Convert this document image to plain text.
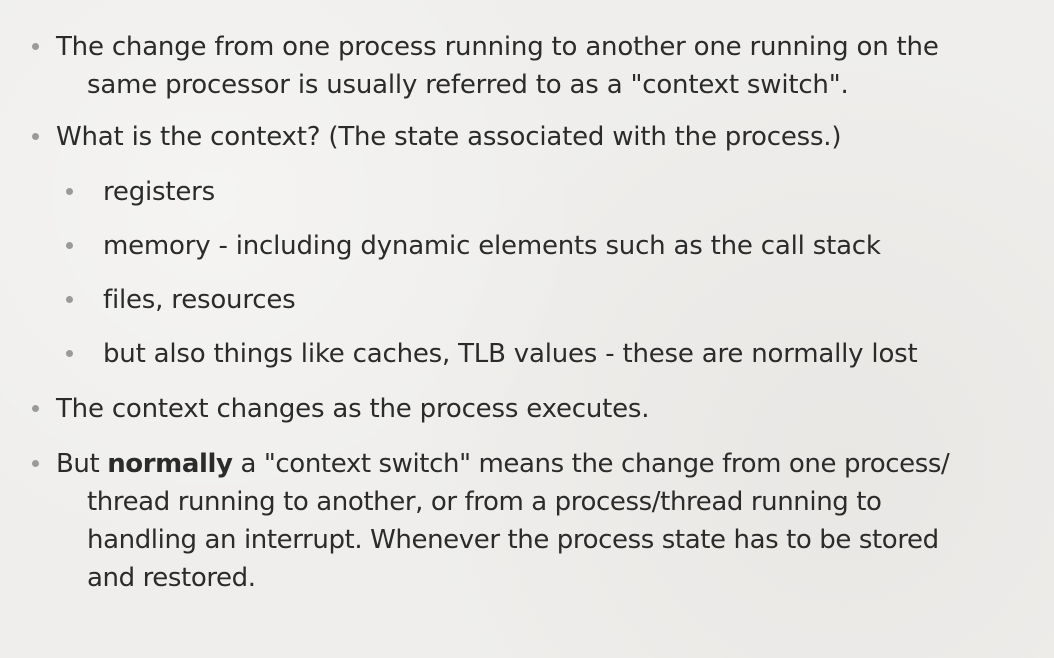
The change from one process running to another one running on the
same processor is usually referred to as a "context switch".
What is the context? (The state associated with the process.)
registers
memory - including dynamic elements such as the call stack
files, resources
but also things like caches, TLB values - these are normally lost
The context changes as the process executes.
But normally a "context switch" means the change from one process/
thread running to another, or from a process/thread running to
handling an interrupt. Whenever the process state has to be stored
and restored.
